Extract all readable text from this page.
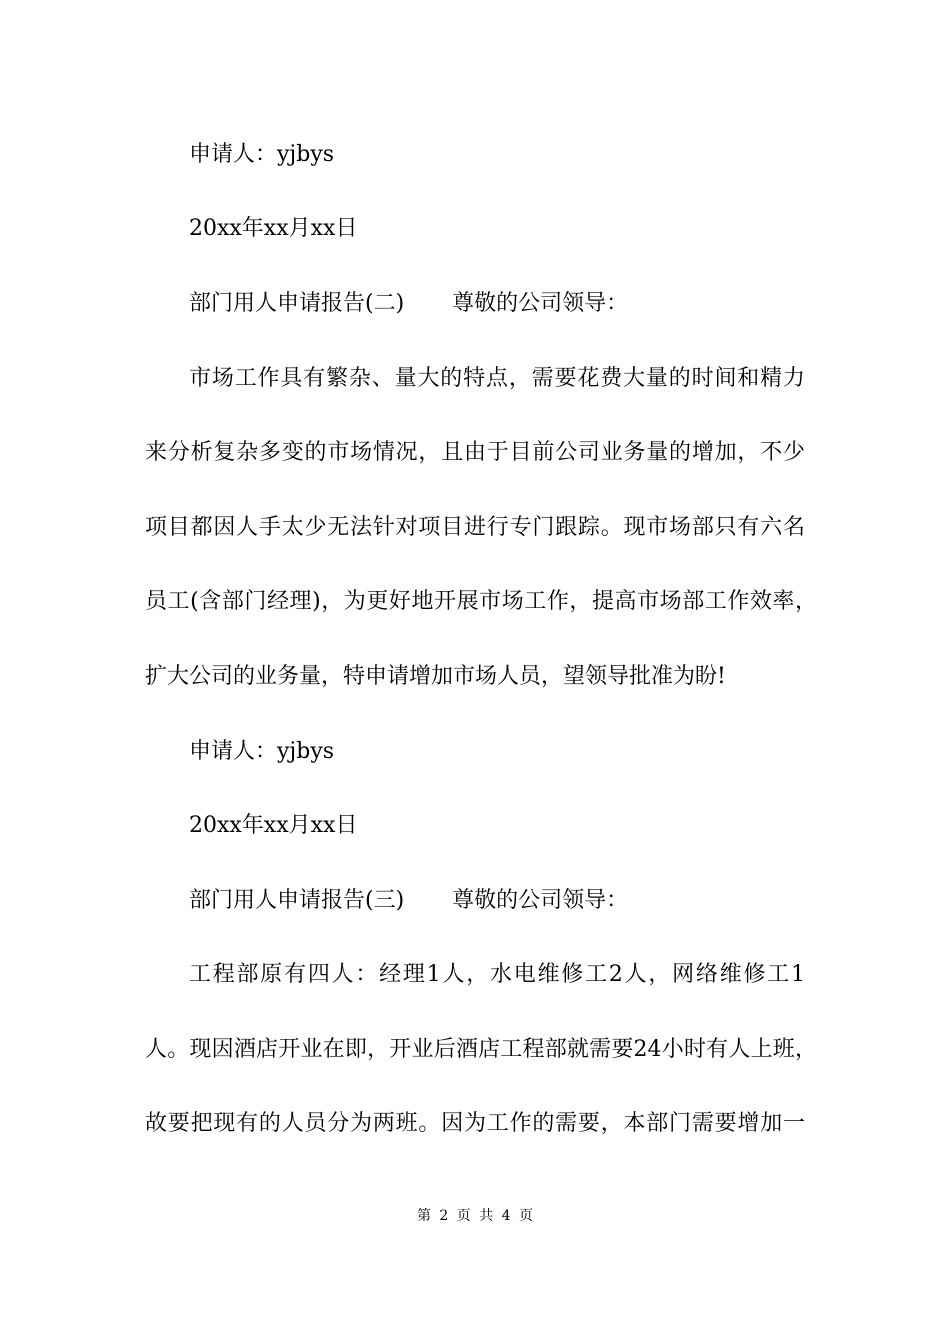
申请人：yjbys

20xx年xx月xx日

部门用人申请报告(二) 尊敬的公司领导：

市场工作具有繁杂、量大的特点，需要花费大量的时间和精力

来分析复杂多变的市场情况，且由于目前公司业务量的增加，不少

项目都因人手太少无法针对项目进行专门跟踪。现市场部只有六名

员工(含部门经理)，为更好地开展市场工作，提高市场部工作效率，

扩大公司的业务量，特申请增加市场人员，望领导批准为盼!

申请人：yjbys

20xx年xx月xx日

部门用人申请报告(三) 尊敬的公司领导：

工程部原有四人：经理1人，水电维修工2人，网络维修工1

人。现因酒店开业在即，开业后酒店工程部就需要24小时有人上班，

故要把现有的人员分为两班。因为工作的需要，本部门需要增加一

第 2 页 共 4 页
